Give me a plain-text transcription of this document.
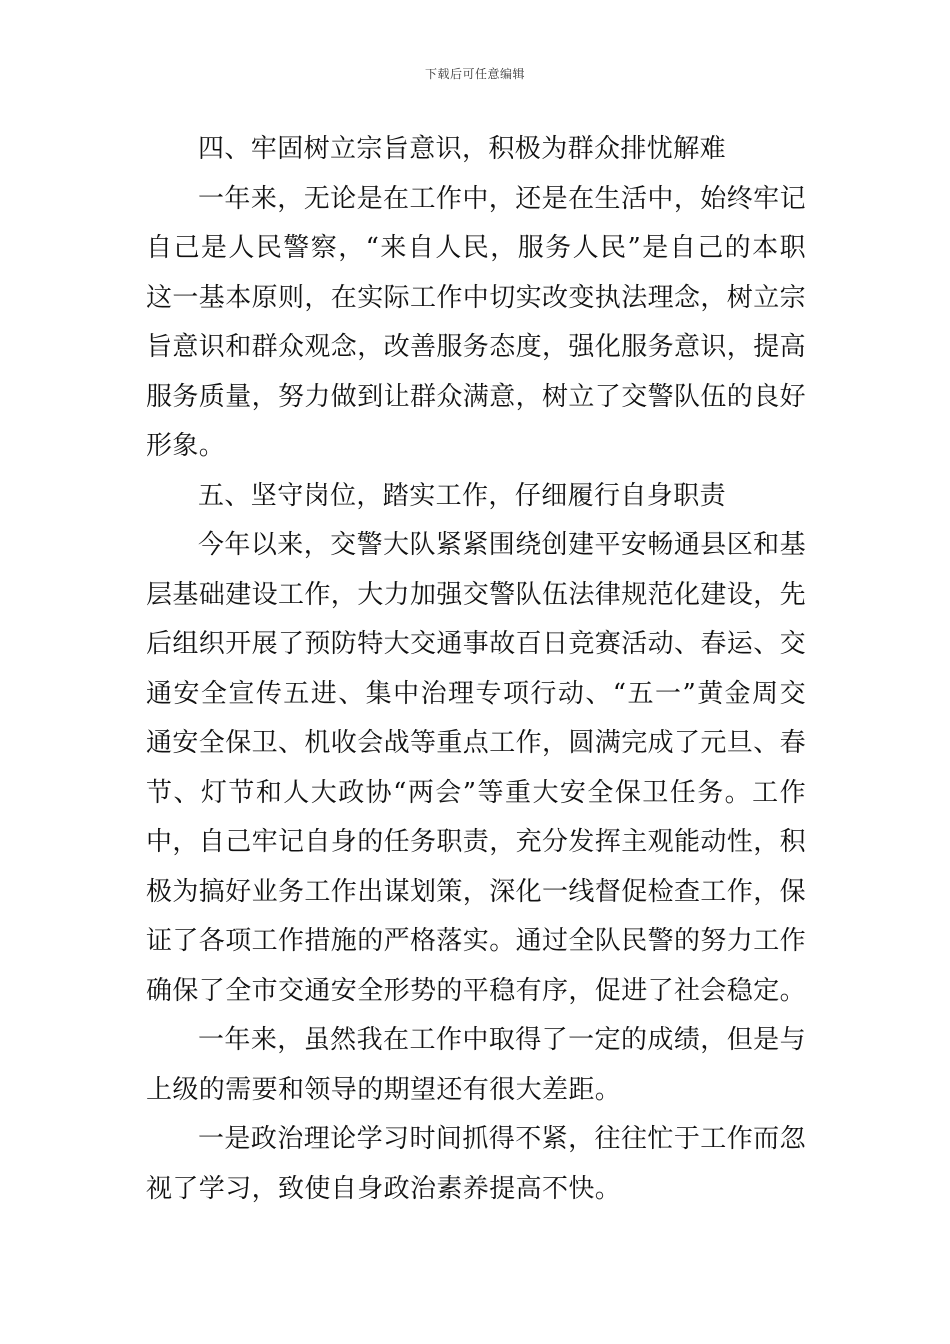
下载后可任意编辑

四、牢固树立宗旨意识，积极为群众排忧解难

一年来，无论是在工作中，还是在生活中，始终牢记自己是人民警察，“来自人民，服务人民”是自己的本职这一基本原则，在实际工作中切实改变执法理念，树立宗旨意识和群众观念，改善服务态度，强化服务意识，提高服务质量，努力做到让群众满意，树立了交警队伍的良好形象。

五、坚守岗位，踏实工作，仔细履行自身职责

今年以来，交警大队紧紧围绕创建平安畅通县区和基层基础建设工作，大力加强交警队伍法律规范化建设，先后组织开展了预防特大交通事故百日竞赛活动、春运、交通安全宣传五进、集中治理专项行动、“五一”黄金周交通安全保卫、机收会战等重点工作，圆满完成了元旦、春节、灯节和人大政协“两会”等重大安全保卫任务。工作中，自己牢记自身的任务职责，充分发挥主观能动性，积极为搞好业务工作出谋划策，深化一线督促检查工作，保证了各项工作措施的严格落实。通过全队民警的努力工作确保了全市交通安全形势的平稳有序，促进了社会稳定。

一年来，虽然我在工作中取得了一定的成绩，但是与上级的需要和领导的期望还有很大差距。

一是政治理论学习时间抓得不紧，往往忙于工作而忽视了学习，致使自身政治素养提高不快。
